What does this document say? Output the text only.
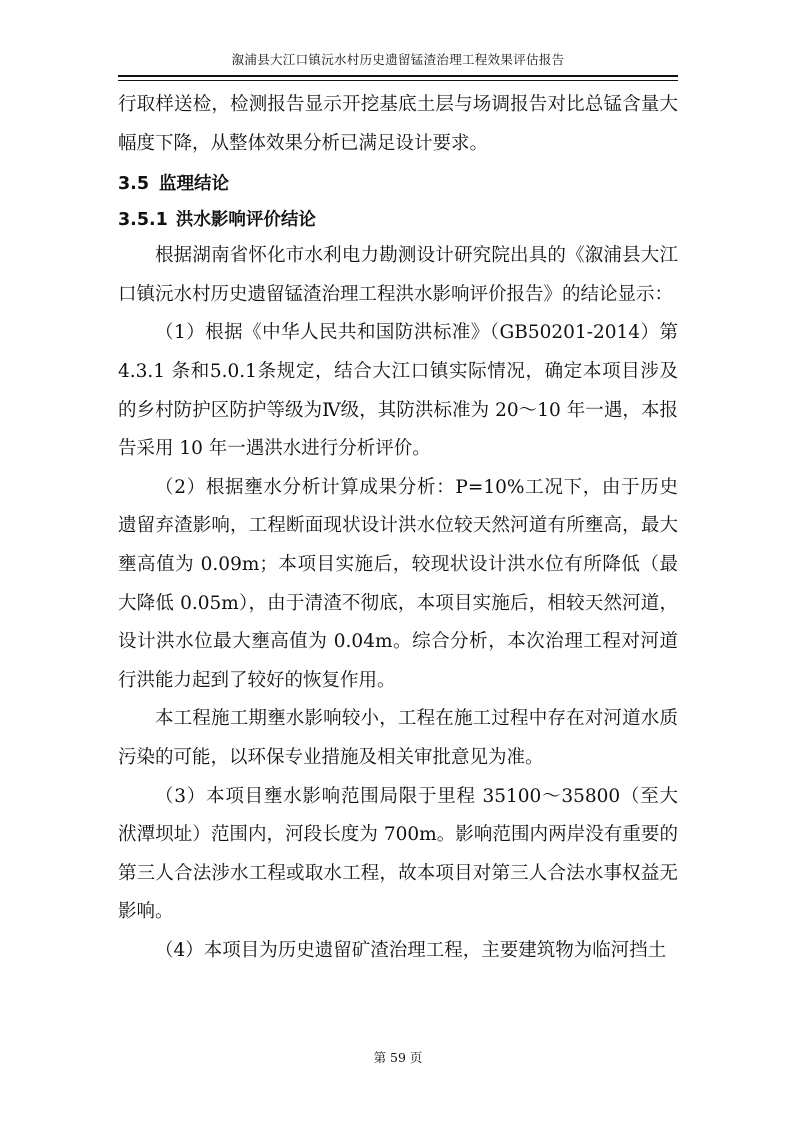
溆浦县大江口镇沅水村历史遗留锰渣治理工程效果评估报告

行取样送检，检测报告显示开挖基底土层与场调报告对比总锰含量大幅度下降，从整体效果分析已满足设计要求。

3.5 监理结论
3.5.1 洪水影响评价结论

根据湖南省怀化市水利电力勘测设计研究院出具的《溆浦县大江口镇沅水村历史遗留锰渣治理工程洪水影响评价报告》的结论显示：

（1）根据《中华人民共和国防洪标准》（GB50201-2014）第 4.3.1 条和5.0.1条规定，结合大江口镇实际情况，确定本项目涉及的乡村防护区防护等级为Ⅳ级，其防洪标准为 20～10 年一遇，本报告采用 10 年一遇洪水进行分析评价。

（2）根据壅水分析计算成果分析：P=10%工况下，由于历史遗留弃渣影响，工程断面现状设计洪水位较天然河道有所壅高，最大壅高值为 0.09m；本项目实施后，较现状设计洪水位有所降低（最大降低 0.05m），由于清渣不彻底，本项目实施后，相较天然河道，设计洪水位最大壅高值为 0.04m。综合分析，本次治理工程对河道行洪能力起到了较好的恢复作用。

本工程施工期壅水影响较小，工程在施工过程中存在对河道水质污染的可能，以环保专业措施及相关审批意见为准。

（3）本项目壅水影响范围局限于里程 35100～35800（至大洑潭坝址）范围内，河段长度为 700m。影响范围内两岸没有重要的第三人合法涉水工程或取水工程，故本项目对第三人合法水事权益无影响。

（4）本项目为历史遗留矿渣治理工程，主要建筑物为临河挡土

第 59 页
